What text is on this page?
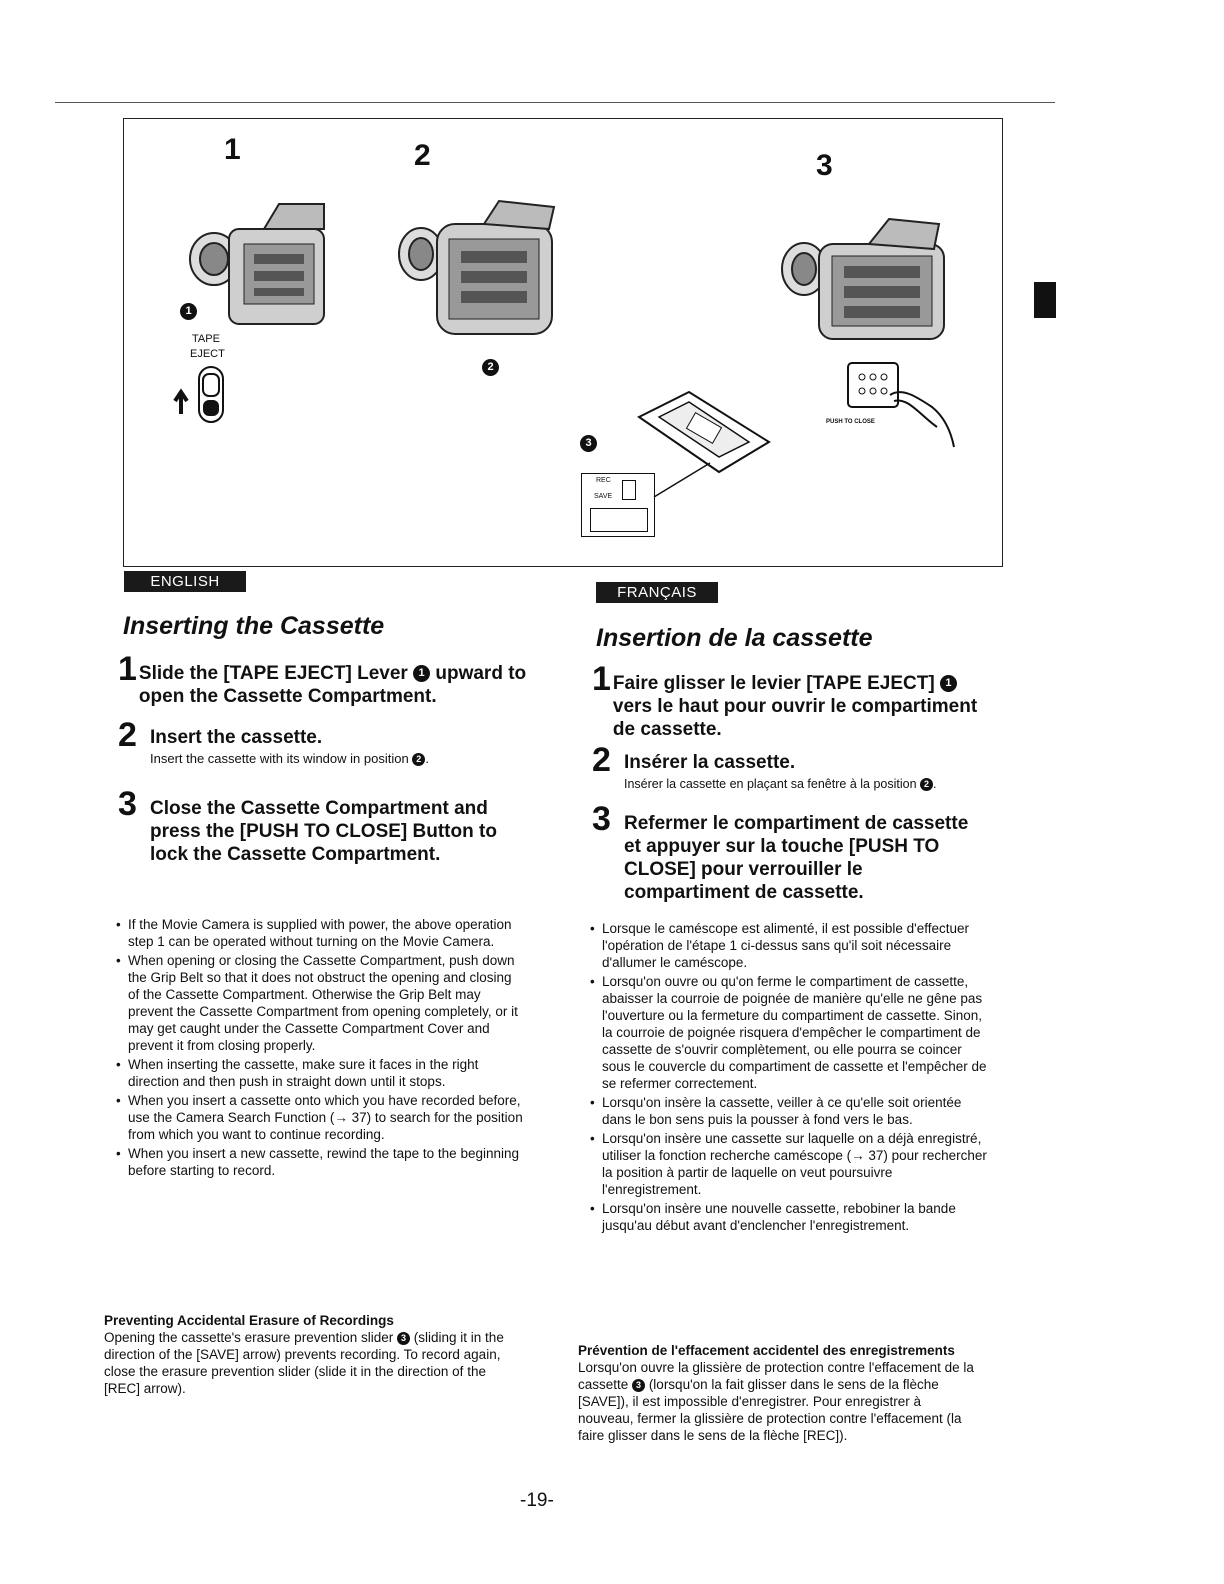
1	2	3
1
TAPE
EJECT
2
3
REC
SAVE
PUSH TO CLOSE
ENGLISH
Inserting the Cassette
1 Slide the [TAPE EJECT] Lever 1 upward to open the Cassette Compartment.
2 Insert the cassette.
Insert the cassette with its window in position 2 .
3 Close the Cassette Compartment and press the [PUSH TO CLOSE] Button to lock the Cassette Compartment.
• If the Movie Camera is supplied with power, the above operation step 1 can be operated without turning on the Movie Camera.
• When opening or closing the Cassette Compartment, push down the Grip Belt so that it does not obstruct the opening and closing of the Cassette Compartment. Otherwise the Grip Belt may prevent the Cassette Compartment from opening completely, or it may get caught under the Cassette Compartment Cover and prevent it from closing properly.
• When inserting the cassette, make sure it faces in the right direction and then push in straight down until it stops.
• When you insert a cassette onto which you have recorded before, use the Camera Search Function (→ 37) to search for the position from which you want to continue recording.
• When you insert a new cassette, rewind the tape to the beginning before starting to record.
Preventing Accidental Erasure of Recordings
Opening the cassette's erasure prevention slider 3 (sliding it in the direction of the [SAVE] arrow) prevents recording. To record again, close the erasure prevention slider (slide it in the direction of the [REC] arrow).
FRANÇAIS
Insertion de la cassette
1 Faire glisser le levier [TAPE EJECT] 1 vers le haut pour ouvrir le compartiment de cassette.
2 Insérer la cassette.
Insérer la cassette en plaçant sa fenêtre à la position 2 .
3 Refermer le compartiment de cassette et appuyer sur la touche [PUSH TO CLOSE] pour verrouiller le compartiment de cassette.
• Lorsque le caméscope est alimenté, il est possible d'effectuer l'opération de l'étape 1 ci-dessus sans qu'il soit nécessaire d'allumer le caméscope.
• Lorsqu'on ouvre ou qu'on ferme le compartiment de cassette, abaisser la courroie de poignée de manière qu'elle ne gêne pas l'ouverture ou la fermeture du compartiment de cassette. Sinon, la courroie de poignée risquera d'empêcher le compartiment de cassette de s'ouvrir complètement, ou elle pourra se coincer sous le couvercle du compartiment de cassette et l'empêcher de se refermer correctement.
• Lorsqu'on insère la cassette, veiller à ce qu'elle soit orientée dans le bon sens puis la pousser à fond vers le bas.
• Lorsqu'on insère une cassette sur laquelle on a déjà enregistré, utiliser la fonction recherche caméscope (→ 37) pour rechercher la position à partir de laquelle on veut poursuivre l'enregistrement.
• Lorsqu'on insère une nouvelle cassette, rebobiner la bande jusqu'au début avant d'enclencher l'enregistrement.
Prévention de l'effacement accidentel des enregistrements
Lorsqu'on ouvre la glissière de protection contre l'effacement de la cassette 3 (lorsqu'on la fait glisser dans le sens de la flèche [SAVE]), il est impossible d'enregistrer. Pour enregistrer à nouveau, fermer la glissière de protection contre l'effacement (la faire glisser dans le sens de la flèche [REC]).
-19-
